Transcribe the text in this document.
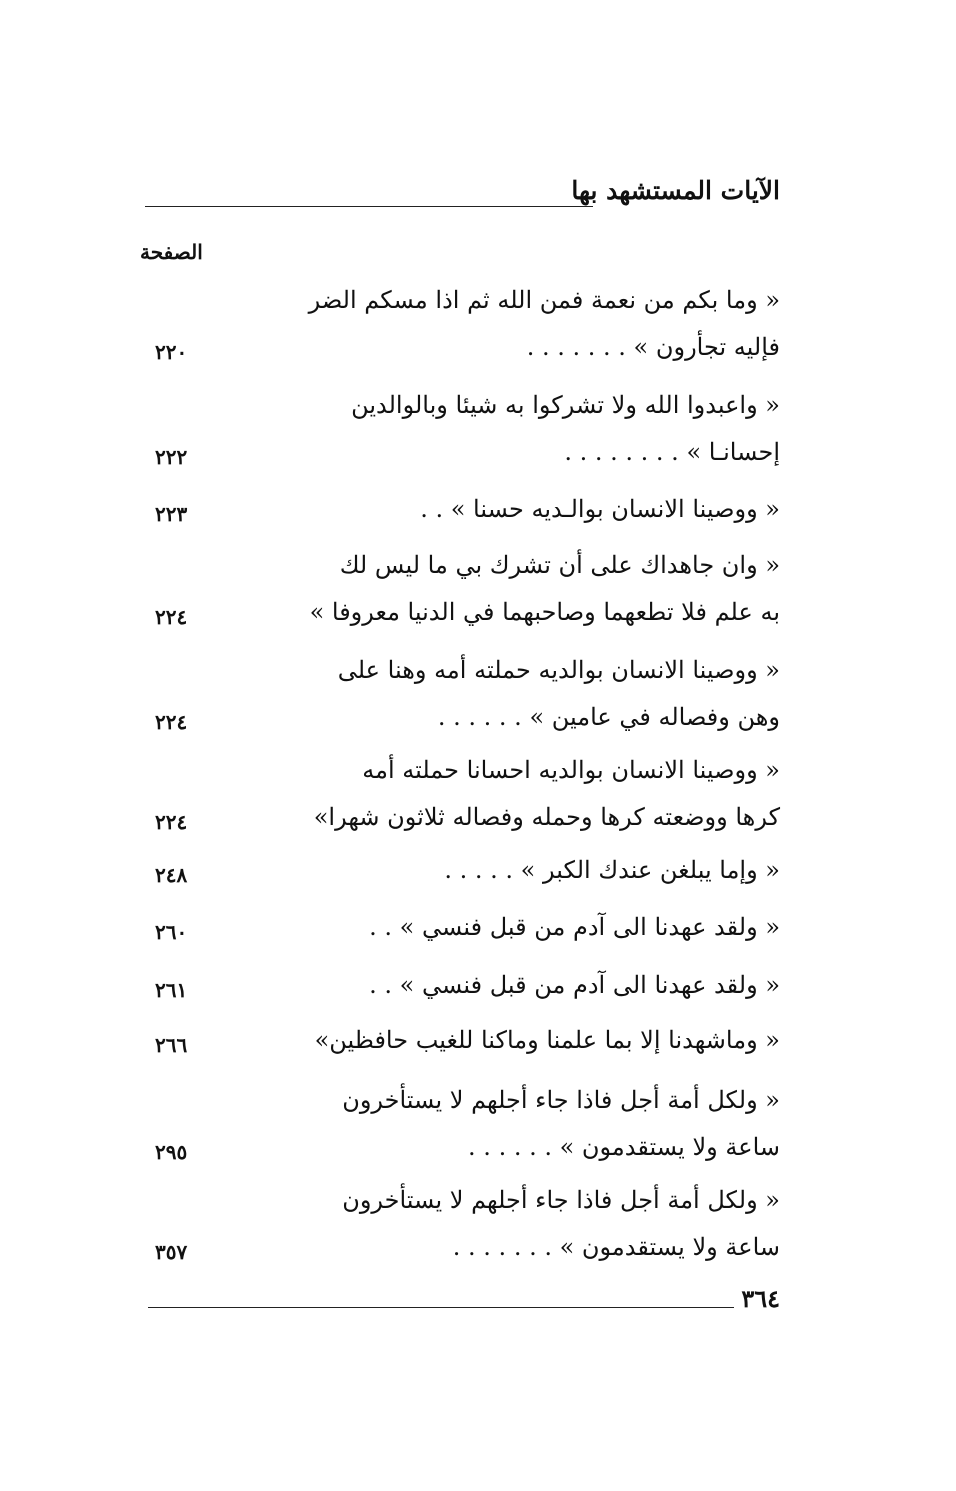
الآيات المستشهد بها
الصفحة
« وما بكم من نعمة فمن الله ثم اذا مسكم الضر
فإليه تجأرون » . . . . . . .
٢٢٠
« واعبدوا الله ولا تشركوا به شيئا وبالوالدين
إحسانـا » . . . . . . . .
٢٢٢
« ووصينا الانسان بوالـديه حسنا » . .
٢٢٣
« وان جاهداك على أن تشرك بي ما ليس لك
به علم فلا تطعهما وصاحبهما في الدنيا معروفا »
٢٢٤
« ووصينا الانسان بوالديه حملته أمه وهنا على
وهن وفصاله في عامين » . . . . . .
٢٢٤
« ووصينا الانسان بوالديه احسانا حملته أمه
كرها ووضعته كرها وحمله وفصاله ثلاثون شهرا»
٢٢٤
« وإما يبلغن عندك الكبر » . . . . .
٢٤٨
« ولقد عهدنا الى آدم من قبل فنسي » . .
٢٦٠
« ولقد عهدنا الى آدم من قبل فنسي » . .
٢٦١
« وماشهدنا إلا بما علمنا وماكنا للغيب حافظين»
٢٦٦
« ولكل أمة أجل فاذا جاء أجلهم لا يستأخرون
ساعة ولا يستقدمون » . . . . . .
٢٩٥
« ولكل أمة أجل فاذا جاء أجلهم لا يستأخرون
ساعة ولا يستقدمون » . . . . . . .
٣٥٧
٣٦٤
